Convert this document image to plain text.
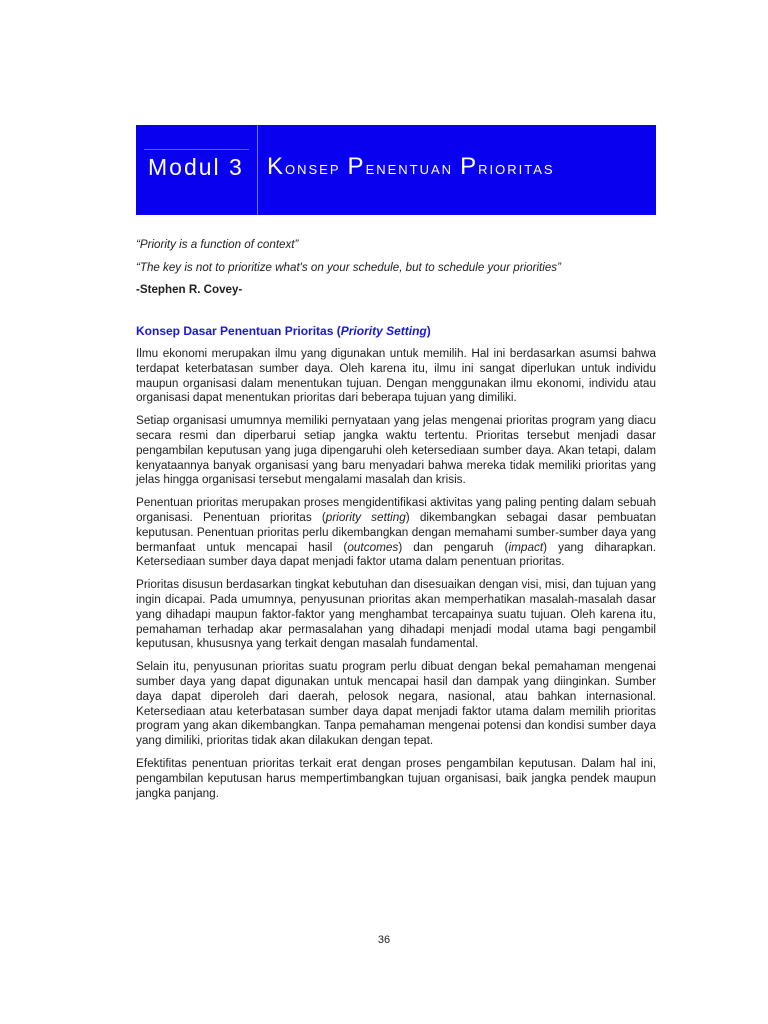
Modul 3 Konsep Penentuan Prioritas
“Priority is a function of context”
“The key is not to prioritize what's on your schedule, but to schedule your priorities”
-Stephen R. Covey-
Konsep Dasar Penentuan Prioritas (Priority Setting)

Ilmu ekonomi merupakan ilmu yang digunakan untuk memilih. Hal ini berdasarkan asumsi bahwa terdapat keterbatasan sumber daya. Oleh karena itu, ilmu ini sangat diperlukan untuk individu maupun organisasi dalam menentukan tujuan. Dengan menggunakan ilmu ekonomi, individu atau organisasi dapat menentukan prioritas dari beberapa tujuan yang dimiliki.

Setiap organisasi umumnya memiliki pernyataan yang jelas mengenai prioritas program yang diacu secara resmi dan diperbarui setiap jangka waktu tertentu. Prioritas tersebut menjadi dasar pengambilan keputusan yang juga dipengaruhi oleh ketersediaan sumber daya. Akan tetapi, dalam kenyataannya banyak organisasi yang baru menyadari bahwa mereka tidak memiliki prioritas yang jelas hingga organisasi tersebut mengalami masalah dan krisis.

Penentuan prioritas merupakan proses mengidentifikasi aktivitas yang paling penting dalam sebuah organisasi. Penentuan prioritas (priority setting) dikembangkan sebagai dasar pembuatan keputusan. Penentuan prioritas perlu dikembangkan dengan memahami sumber-sumber daya yang bermanfaat untuk mencapai hasil (outcomes) dan pengaruh (impact) yang diharapkan. Ketersediaan sumber daya dapat menjadi faktor utama dalam penentuan prioritas.

Prioritas disusun berdasarkan tingkat kebutuhan dan disesuaikan dengan visi, misi, dan tujuan yang ingin dicapai. Pada umumnya, penyusunan prioritas akan memperhatikan masalah-masalah dasar yang dihadapi maupun faktor-faktor yang menghambat tercapainya suatu tujuan. Oleh karena itu, pemahaman terhadap akar permasalahan yang dihadapi menjadi modal utama bagi pengambil keputusan, khususnya yang terkait dengan masalah fundamental.

Selain itu, penyusunan prioritas suatu program perlu dibuat dengan bekal pemahaman mengenai sumber daya yang dapat digunakan untuk mencapai hasil dan dampak yang diinginkan. Sumber daya dapat diperoleh dari daerah, pelosok negara, nasional, atau bahkan internasional. Ketersediaan atau keterbatasan sumber daya dapat menjadi faktor utama dalam memilih prioritas program yang akan dikembangkan. Tanpa pemahaman mengenai potensi dan kondisi sumber daya yang dimiliki, prioritas tidak akan dilakukan dengan tepat.

Efektifitas penentuan prioritas terkait erat dengan proses pengambilan keputusan. Dalam hal ini, pengambilan keputusan harus mempertimbangkan tujuan organisasi, baik jangka pendek maupun jangka panjang.

36
